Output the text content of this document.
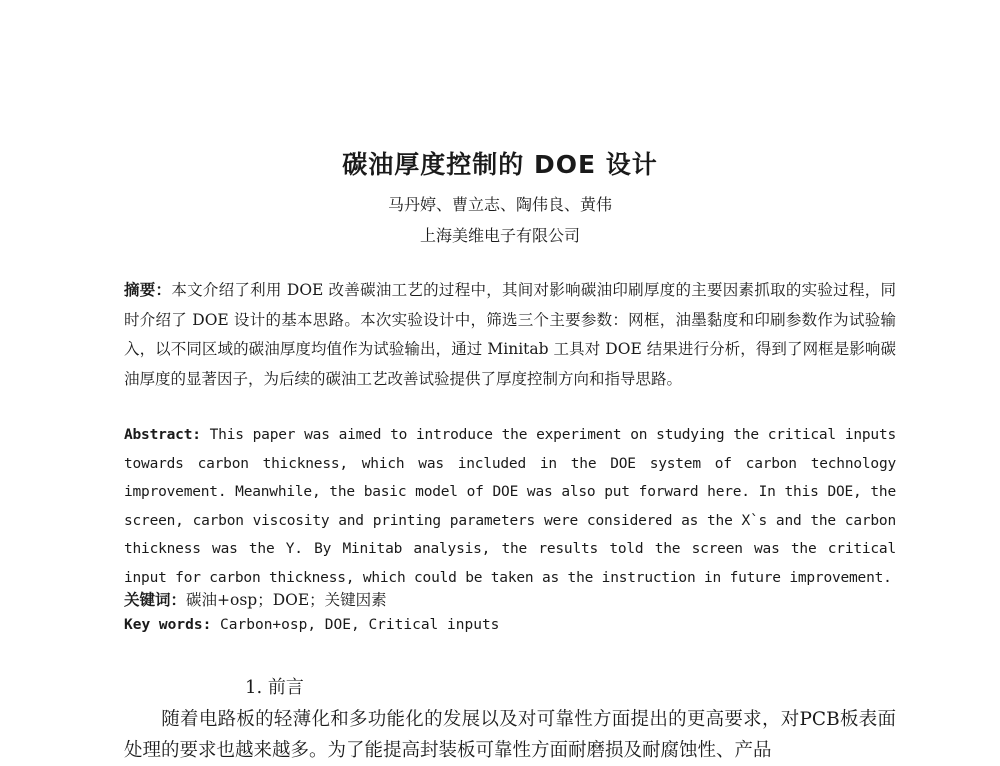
碳油厚度控制的 DOE 设计
马丹婷、曹立志、陶伟良、黄伟
上海美维电子有限公司
摘要：本文介绍了利用 DOE 改善碳油工艺的过程中，其间对影响碳油印刷厚度的主要因素抓取的实验过程，同时介绍了 DOE 设计的基本思路。本次实验设计中，筛选三个主要参数：网框，油墨黏度和印刷参数作为试验输入，以不同区域的碳油厚度均值作为试验输出，通过 Minitab 工具对 DOE 结果进行分析，得到了网框是影响碳油厚度的显著因子，为后续的碳油工艺改善试验提供了厚度控制方向和指导思路。
Abstract: This paper was aimed to introduce the experiment on studying the critical inputs towards carbon thickness, which was included in the DOE system of carbon technology improvement. Meanwhile, the basic model of DOE was also put forward here. In this DOE, the screen, carbon viscosity and printing parameters were considered as the X`s and the carbon thickness was the Y. By Minitab analysis, the results told the screen was the critical input for carbon thickness, which could be taken as the instruction in future improvement.
关键词：碳油+osp；DOE；关键因素
Key words: Carbon+osp, DOE, Critical inputs
1. 前言
随着电路板的轻薄化和多功能化的发展以及对可靠性方面提出的更高要求，对PCB板表面处理的要求也越来越多。为了能提高封装板可靠性方面耐磨损及耐腐蚀性、产品
